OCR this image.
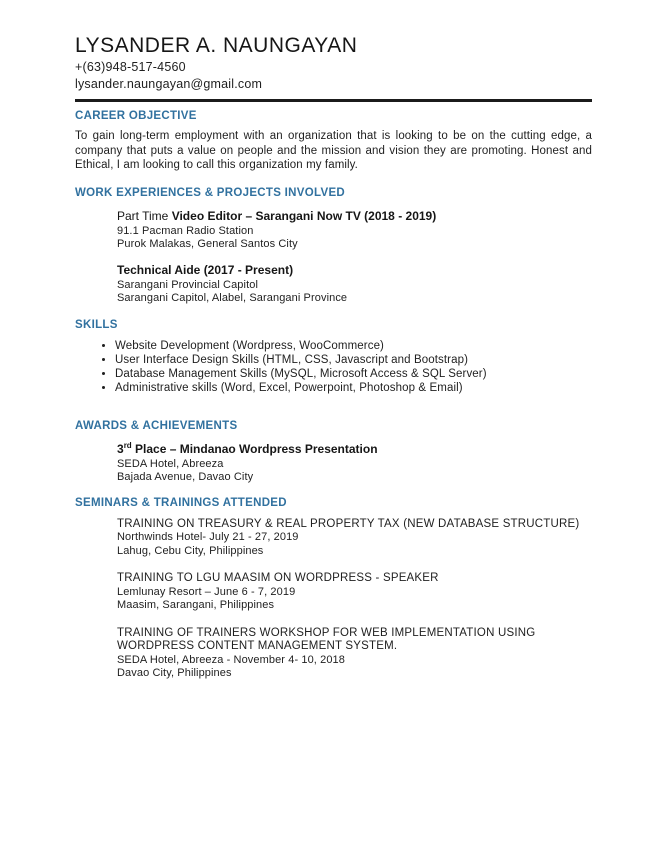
LYSANDER A. NAUNGAYAN
+(63)948-517-4560
lysander.naungayan@gmail.com
CAREER OBJECTIVE

To gain long-term employment with an organization that is looking to be on the cutting edge, a company that puts a value on people and the mission and vision they are promoting. Honest and Ethical, I am looking to call this organization my family.

WORK EXPERIENCES & PROJECTS INVOLVED
Part Time Video Editor – Sarangani Now TV (2018 - 2019)
91.1 Pacman Radio Station
Purok Malakas, General Santos City
Technical Aide (2017 - Present)
Sarangani Provincial Capitol
Sarangani Capitol, Alabel, Sarangani Province
SKILLS
• Website Development (Wordpress, WooCommerce)
• User Interface Design Skills (HTML, CSS, Javascript and Bootstrap)
• Database Management Skills (MySQL, Microsoft Access & SQL Server)
• Administrative skills (Word, Excel, Powerpoint, Photoshop & Email)
AWARDS & ACHIEVEMENTS
3rd Place – Mindanao Wordpress Presentation
SEDA Hotel, Abreeza
Bajada Avenue, Davao City
SEMINARS & TRAININGS ATTENDED
TRAINING ON TREASURY & REAL PROPERTY TAX (NEW DATABASE STRUCTURE)
Northwinds Hotel- July 21 - 27, 2019
Lahug, Cebu City, Philippines
TRAINING TO LGU MAASIM ON WORDPRESS - SPEAKER
Lemlunay Resort – June 6 - 7, 2019
Maasim, Sarangani, Philippines
TRAINING OF TRAINERS WORKSHOP FOR WEB IMPLEMENTATION USING WORDPRESS CONTENT MANAGEMENT SYSTEM.
SEDA Hotel, Abreeza - November 4- 10, 2018
Davao City, Philippines
